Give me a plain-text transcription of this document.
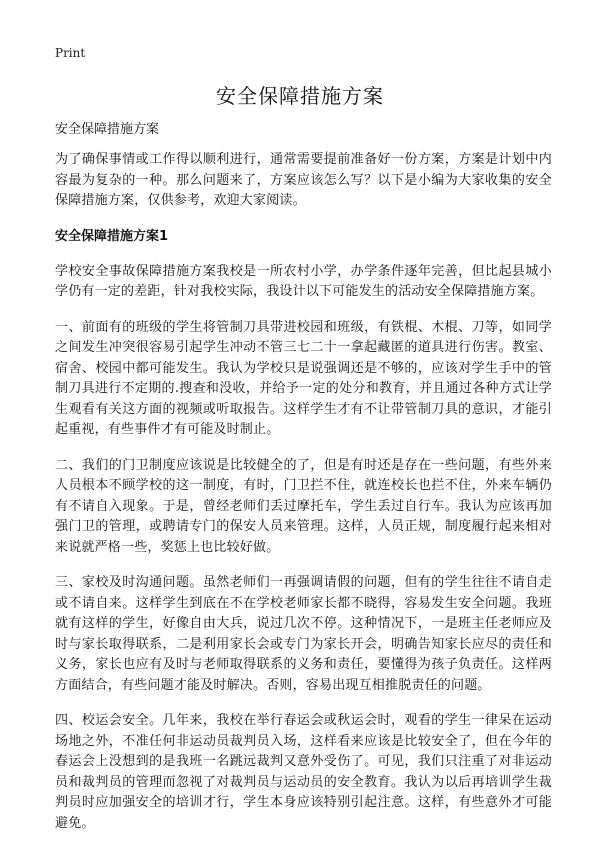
Print
安全保障措施方案

安全保障措施方案

为了确保事情或工作得以顺利进行，通常需要提前准备好一份方案，方案是计划中内容最为复杂的一种。那么问题来了，方案应该怎么写？以下是小编为大家收集的安全保障措施方案，仅供参考，欢迎大家阅读。

安全保障措施方案1

学校安全事故保障措施方案我校是一所农村小学，办学条件逐年完善，但比起县城小学仍有一定的差距，针对我校实际，我设计以下可能发生的活动安全保障措施方案。

一、前面有的班级的学生将管制刀具带进校园和班级，有铁棍、木棍、刀等，如同学之间发生冲突很容易引起学生冲动不管三七二十一拿起藏匿的道具进行伤害。教室、宿舍、校园中都可能发生。我认为学校只是说强调还是不够的，应该对学生手中的管制刀具进行不定期的.搜查和没收，并给予一定的处分和教育，并且通过各种方式让学生观看有关这方面的视频或听取报告。这样学生才有不让带管制刀具的意识，才能引起重视，有些事件才有可能及时制止。

二、我们的门卫制度应该说是比较健全的了，但是有时还是存在一些问题，有些外来人员根本不顾学校的这一制度，有时，门卫拦不住，就连校长也拦不住，外来车辆仍有不请自入现象。于是，曾经老师们丢过摩托车，学生丢过自行车。我认为应该再加强门卫的管理，或聘请专门的保安人员来管理。这样，人员正规，制度履行起来相对来说就严格一些，奖惩上也比较好做。

三、家校及时沟通问题。虽然老师们一再强调请假的问题，但有的学生往往不请自走或不请自来。这样学生到底在不在学校老师家长都不晓得，容易发生安全问题。我班就有这样的学生，好像自由大兵，说过几次不停。这种情况下，一是班主任老师应及时与家长取得联系，二是利用家长会或专门为家长开会，明确告知家长应尽的责任和义务，家长也应有及时与老师取得联系的义务和责任，要懂得为孩子负责任。这样两方面结合，有些问题才能及时解决。否则，容易出现互相推脱责任的问题。

四、校运会安全。几年来，我校在举行春运会或秋运会时，观看的学生一律呆在运动场地之外，不准任何非运动员裁判员入场，这样看来应该是比较安全了，但在今年的春运会上没想到的是我班一名跳远裁判又意外受伤了。可见，我们只注重了对非运动员和裁判员的管理而忽视了对裁判员与运动员的安全教育。我认为以后再培训学生裁判员时应加强安全的培训才行，学生本身应该特别引起注意。这样，有些意外才可能避免。
